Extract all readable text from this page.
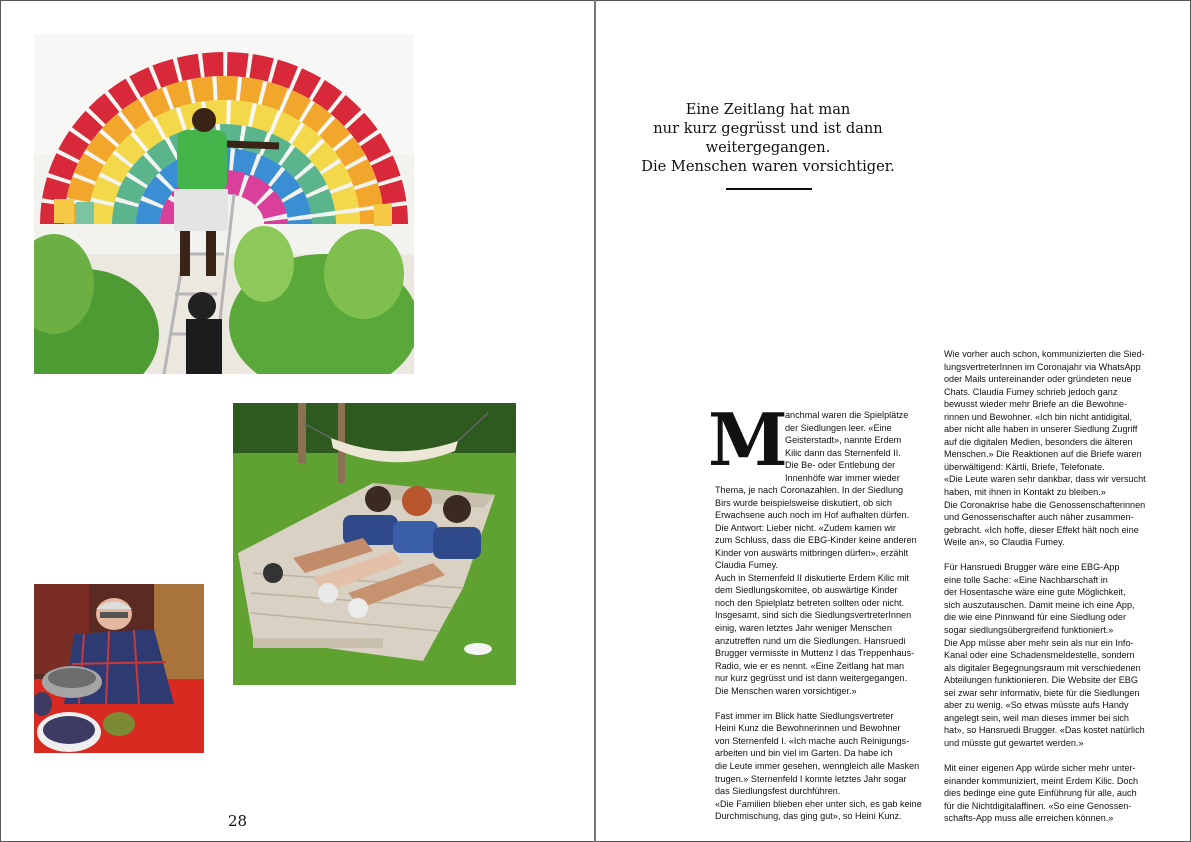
28
Eine Zeitlang hat man
nur kurz gegrüsst und ist dann
weitergegangen.
Die Menschen waren vorsichtiger.
M

anchmal waren die Spielplätze

der Siedlungen leer. «Eine

Geisterstadt», nannte Erdem

Kilic dann das Sternenfeld II.

Die Be- oder Entlebung der

Innenhöfe war immer wieder

Thema, je nach Coronazahlen. In der Siedlung

Birs wurde beispielsweise diskutiert, ob sich

Erwachsene auch noch im Hof aufhalten dürfen.

Die Antwort: Lieber nicht. «Zudem kamen wir

zum Schluss, dass die EBG-Kinder keine anderen

Kinder von auswärts mitbringen dürfen», erzählt

Claudia Fumey.

Auch in Sternenfeld II diskutierte Erdem Kilic mit

dem Siedlungskomitee, ob auswärtige Kinder

noch den Spielplatz betreten sollten oder nicht.

Insgesamt, sind sich die SiedlungsvertreterInnen

einig, waren letztes Jahr weniger Menschen

anzutreffen rund um die Siedlungen. Hansruedi

Brugger vermisste in Muttenz I das Treppenhaus-

Radio, wie er es nennt. «Eine Zeitlang hat man

nur kurz gegrüsst und ist dann weitergegangen.

Die Menschen waren vorsichtiger.»

Fast immer im Blick hatte Siedlungsvertreter

Heini Kunz die Bewohnerinnen und Bewohner

von Sternenfeld I. «Ich mache auch Reinigungs-

arbeiten und bin viel im Garten. Da habe ich

die Leute immer gesehen, wenngleich alle Masken

trugen.» Sternenfeld I konnte letztes Jahr sogar

das Siedlungsfest durchführen.

«Die Familien blieben eher unter sich, es gab keine

Durchmischung, das ging gut», so Heini Kunz.

Wie vorher auch schon, kommunizierten die Sied-

lungsvertreterInnen im Coronajahr via WhatsApp

oder Mails untereinander oder gründeten neue

Chats. Claudia Fumey schrieb jedoch ganz

bewusst wieder mehr Briefe an die Bewohne-

rinnen und Bewohner. «Ich bin nicht antidigital,

aber nicht alle haben in unserer Siedlung Zugriff

auf die digitalen Medien, besonders die älteren

Menschen.» Die Reaktionen auf die Briefe waren

überwältigend: Kärtli, Briefe, Telefonate.

«Die Leute waren sehr dankbar, dass wir versucht

haben, mit ihnen in Kontakt zu bleiben.»

Die Coronakrise habe die Genossenschafterinnen

und Genossenschafter auch näher zusammen-

gebracht. «Ich hoffe, dieser Effekt hält noch eine

Weile an», so Claudia Fumey.

Für Hansruedi Brugger wäre eine EBG-App

eine tolle Sache: «Eine Nachbarschaft in

der Hosentasche wäre eine gute Möglichkeit,

sich auszutauschen. Damit meine ich eine App,

die wie eine Pinnwand für eine Siedlung oder

sogar siedlungsübergreifend funktioniert.»

Die App müsse aber mehr sein als nur ein Info-

Kanal oder eine Schadensmeldestelle, sondern

als digitaler Begegnungsraum mit verschiedenen

Abteilungen funktionieren. Die Website der EBG

sei zwar sehr informativ, biete für die Siedlungen

aber zu wenig. «So etwas müsste aufs Handy

angelegt sein, weil man dieses immer bei sich

hat», so Hansruedi Brugger. «Das kostet natürlich

und müsste gut gewartet werden.»

Mit einer eigenen App würde sicher mehr unter-

einander kommuniziert, meint Erdem Kilic. Doch

dies bedinge eine gute Einführung für alle, auch

für die Nichtdigitalaffinen. «So eine Genossen-

schafts-App muss alle erreichen können.»
